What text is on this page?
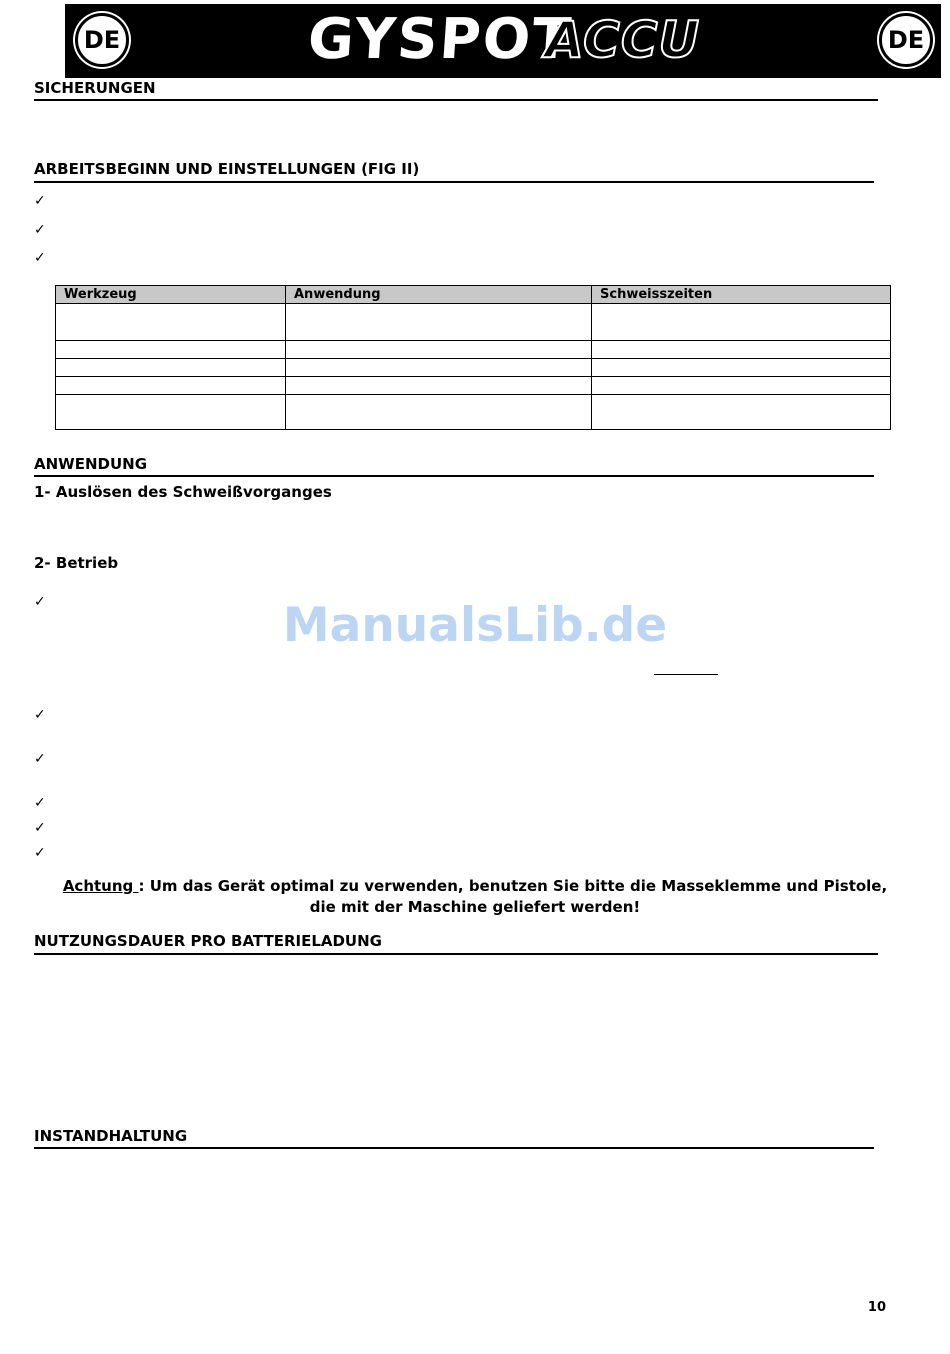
DE	GYSPOT
ACCU	DE
SICHERUNGEN
ARBEITSBEGINN UND EINSTELLUNGEN (FIG II)
✓
✓
✓
Werkzeug	Anwendung	Schweisszeiten

ANWENDUNG
1- Auslösen des Schweißvorganges
2- Betrieb
✓	ManualsLib.de
✓
✓
✓
✓
✓
Achtung : Um das Gerät optimal zu verwenden, benutzen Sie bitte die Masseklemme und Pistole, die mit der Maschine geliefert werden!
NUTZUNGSDAUER PRO BATTERIELADUNG
INSTANDHALTUNG
10
